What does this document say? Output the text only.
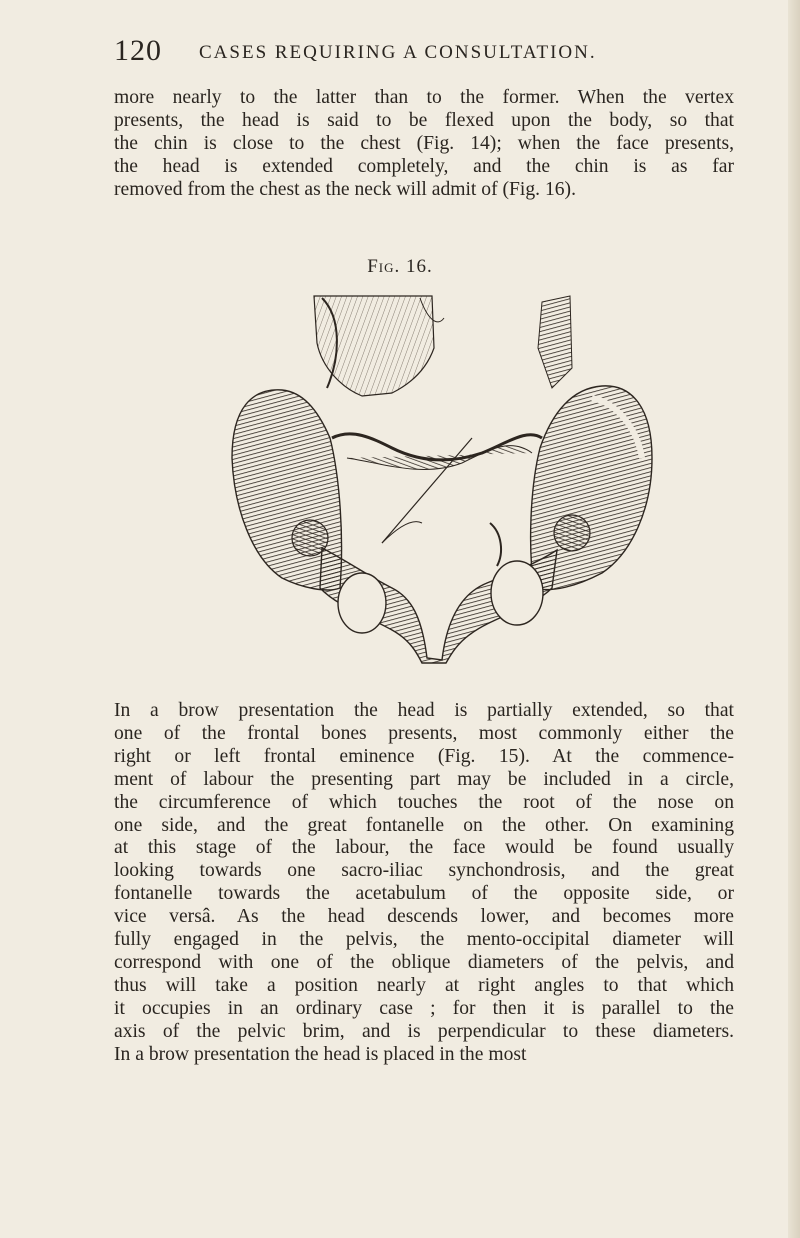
120 CASES REQUIRING A CONSULTATION.
more nearly to the latter than to the former. When the vertex
presents, the head is said to be flexed upon the body, so that
the chin is close to the chest (Fig. 14); when the face presents,
the head is extended completely, and the chin is as far
removed from the chest as the neck will admit of (Fig. 16).
Fig. 16.
In a brow presentation the head is partially extended, so that
one of the frontal bones presents, most commonly either the
right or left frontal eminence (Fig. 15). At the commence-
ment of labour the presenting part may be included in a circle,
the circumference of which touches the root of the nose on
one side, and the great fontanelle on the other. On examining
at this stage of the labour, the face would be found usually
looking towards one sacro-iliac synchondrosis, and the great
fontanelle towards the acetabulum of the opposite side, or
vice versâ. As the head descends lower, and becomes more
fully engaged in the pelvis, the mento-occipital diameter will
correspond with one of the oblique diameters of the pelvis, and
thus will take a position nearly at right angles to that which
it occupies in an ordinary case ; for then it is parallel to the
axis of the pelvic brim, and is perpendicular to these diameters.
In a brow presentation the head is placed in the most
